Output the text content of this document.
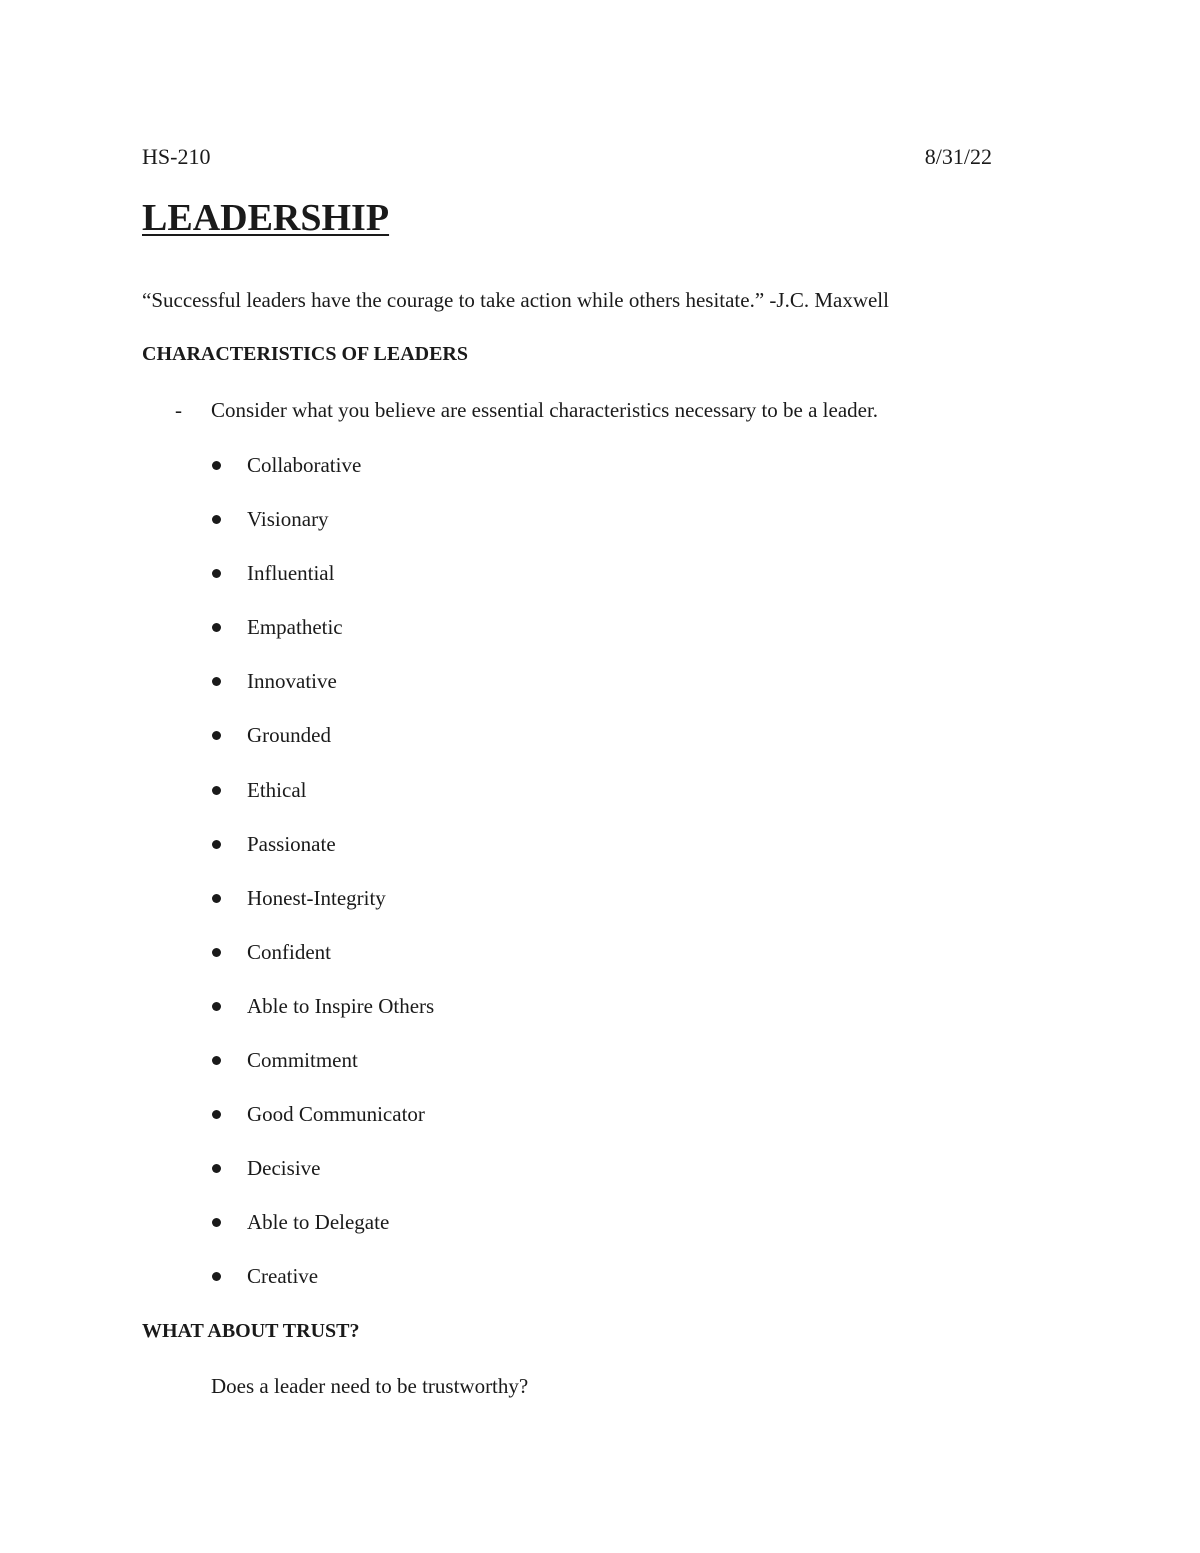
HS-210	8/31/22
LEADERSHIP
“Successful leaders have the courage to take action while others hesitate.” -J.C. Maxwell
CHARACTERISTICS OF LEADERS
- Consider what you believe are essential characteristics necessary to be a leader.
Collaborative
Visionary
Influential
Empathetic
Innovative
Grounded
Ethical
Passionate
Honest-Integrity
Confident
Able to Inspire Others
Commitment
Good Communicator
Decisive
Able to Delegate
Creative
WHAT ABOUT TRUST?
Does a leader need to be trustworthy?
